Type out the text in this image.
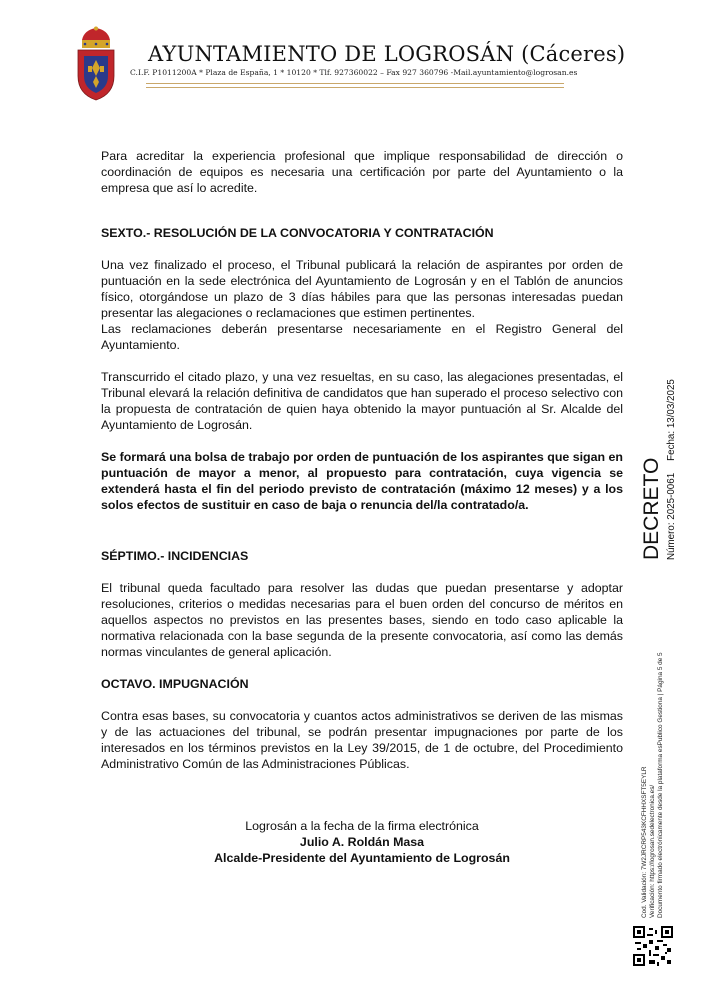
AYUNTAMIENTO DE LOGROSÁN (Cáceres)
C.I.F. P1011200A * Plaza de España, 1 * 10120 * Tlf. 927360022 – Fax 927 360796 -Mail.ayuntamiento@logrosan.es

Para acreditar la experiencia profesional que implique responsabilidad de dirección o coordinación de equipos es necesaria una certificación por parte del Ayuntamiento o la empresa que así lo acredite.

SEXTO.- RESOLUCIÓN DE LA CONVOCATORIA Y CONTRATACIÓN

Una vez finalizado el proceso, el Tribunal publicará la relación de aspirantes por orden de puntuación en la sede electrónica del Ayuntamiento de Logrosán y en el Tablón de anuncios físico, otorgándose un plazo de 3 días hábiles para que las personas interesadas puedan presentar las alegaciones o reclamaciones que estimen pertinentes.

Las reclamaciones deberán presentarse necesariamente en el Registro General del Ayuntamiento.

Transcurrido el citado plazo, y una vez resueltas, en su caso, las alegaciones presentadas, el Tribunal elevará la relación definitiva de candidatos que han superado el proceso selectivo con la propuesta de contratación de quien haya obtenido la mayor puntuación al Sr. Alcalde del Ayuntamiento de Logrosán.

Se formará una bolsa de trabajo por orden de puntuación de los aspirantes que sigan en puntuación de mayor a menor, al propuesto para contratación, cuya vigencia se extenderá hasta el fin del periodo previsto de contratación (máximo 12 meses) y a los solos efectos de sustituir en caso de baja o renuncia del/la contratado/a.

SÉPTIMO.- INCIDENCIAS

El tribunal queda facultado para resolver las dudas que puedan presentarse y adoptar resoluciones, criterios o medidas necesarias para el buen orden del concurso de méritos en aquellos aspectos no previstos en las presentes bases, siendo en todo caso aplicable la normativa relacionada con la base segunda de la presente convocatoria, así como las demás normas vinculantes de general aplicación.

OCTAVO. IMPUGNACIÓN

Contra esas bases, su convocatoria y cuantos actos administrativos se deriven de las mismas y de las actuaciones del tribunal, se podrán presentar impugnaciones por parte de los interesados en los términos previstos en la Ley 39/2015, de 1 de octubre, del Procedimiento Administrativo Común de las Administraciones Públicas.

Logrosán a la fecha de la firma electrónica
Julio A. Roldán Masa
Alcalde-Presidente del Ayuntamiento de Logrosán
DECRETO Número: 2025-0061Fecha: 13/03/2025
Cod. Validación: 7W2JRCRP543KCFHHXSFT5EYLR Verificación: https://logrosan.sedelectronica.es/ Documento firmado electrónicamente desde la plataforma esPublico Gestiona | Página 5 de 5
